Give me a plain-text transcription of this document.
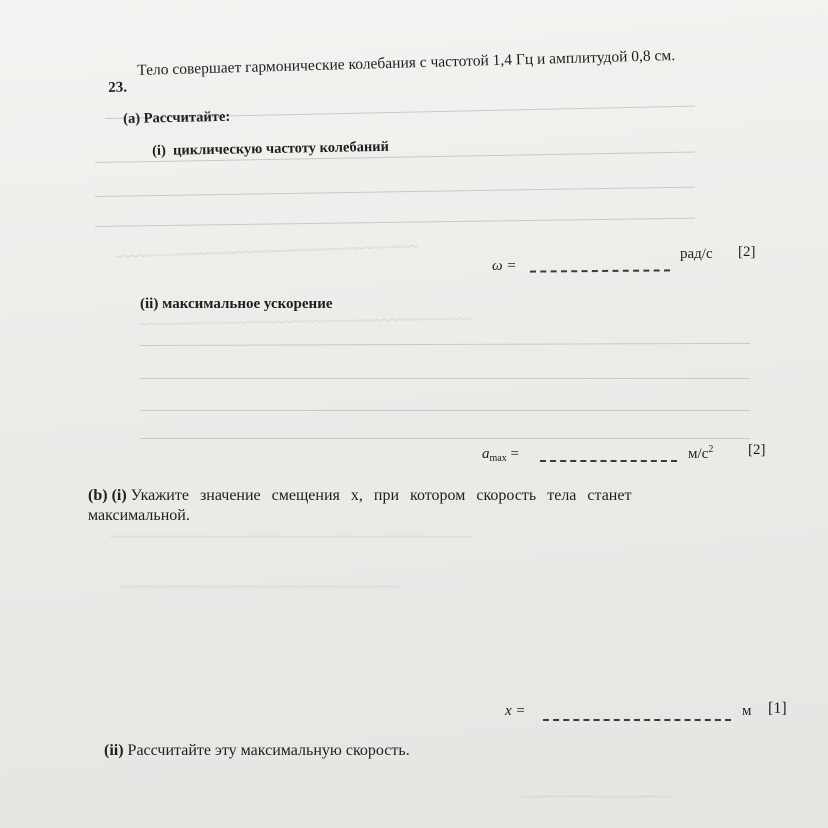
~~~~~~~~~~~~~~~~~~~~~~~~~~~~~~~~~~~~~~~~
~~~~~~~~~~~~~~~~~~~~~~~~~~~~~~~~~~~~~~~~~~~~
~~~~~~~~~~~~~~~~~~~~~~~~~~~~~~~~~~~~~~~~~~~~~~~~
~~~~~~~~~~~~~~~~~~~~~~~~~~~~~~~~~~~~~
~~~~~~~~~~~~~~~~~~~~
23.
Тело совершает гармонические колебания с частотой 1,4 Гц и амплитудой 0,8 см.
(a) Рассчитайте:
(i) циклическую частоту колебаний
ω =
рад/с [2]
(ii) максимальное ускорение
$a_{max}$ =	$м/с^2$ [2]
(b) (i) Укажите значение смещения x, при котором скорость тела станет
максимальной.
x =	м [1]
(ii) Рассчитайте эту максимальную скорость.
